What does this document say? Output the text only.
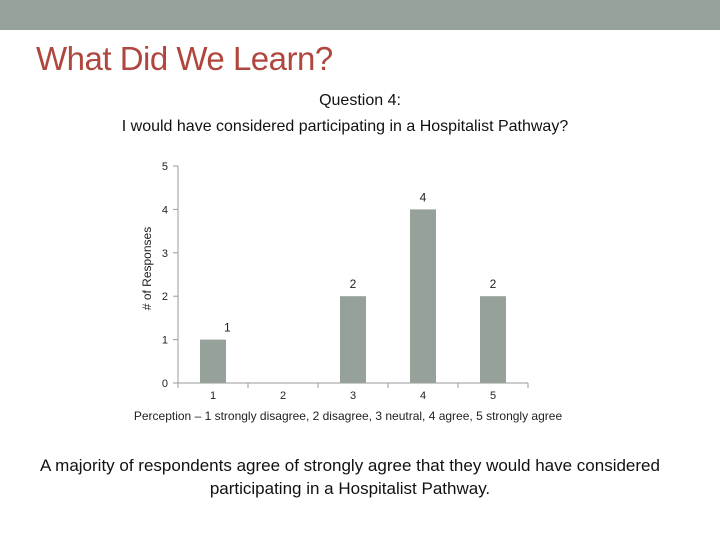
What Did We Learn?
Question 4:
I would have considered participating in a Hospitalist Pathway?
0
1
2
3
4
5
1
1	2
2
3
4
4
2
5
# of Responses
Perception – 1 strongly disagree, 2 disagree, 3 neutral, 4 agree, 5 strongly agree
A majority of respondents agree of strongly agree that they would have considered participating in a Hospitalist Pathway.
